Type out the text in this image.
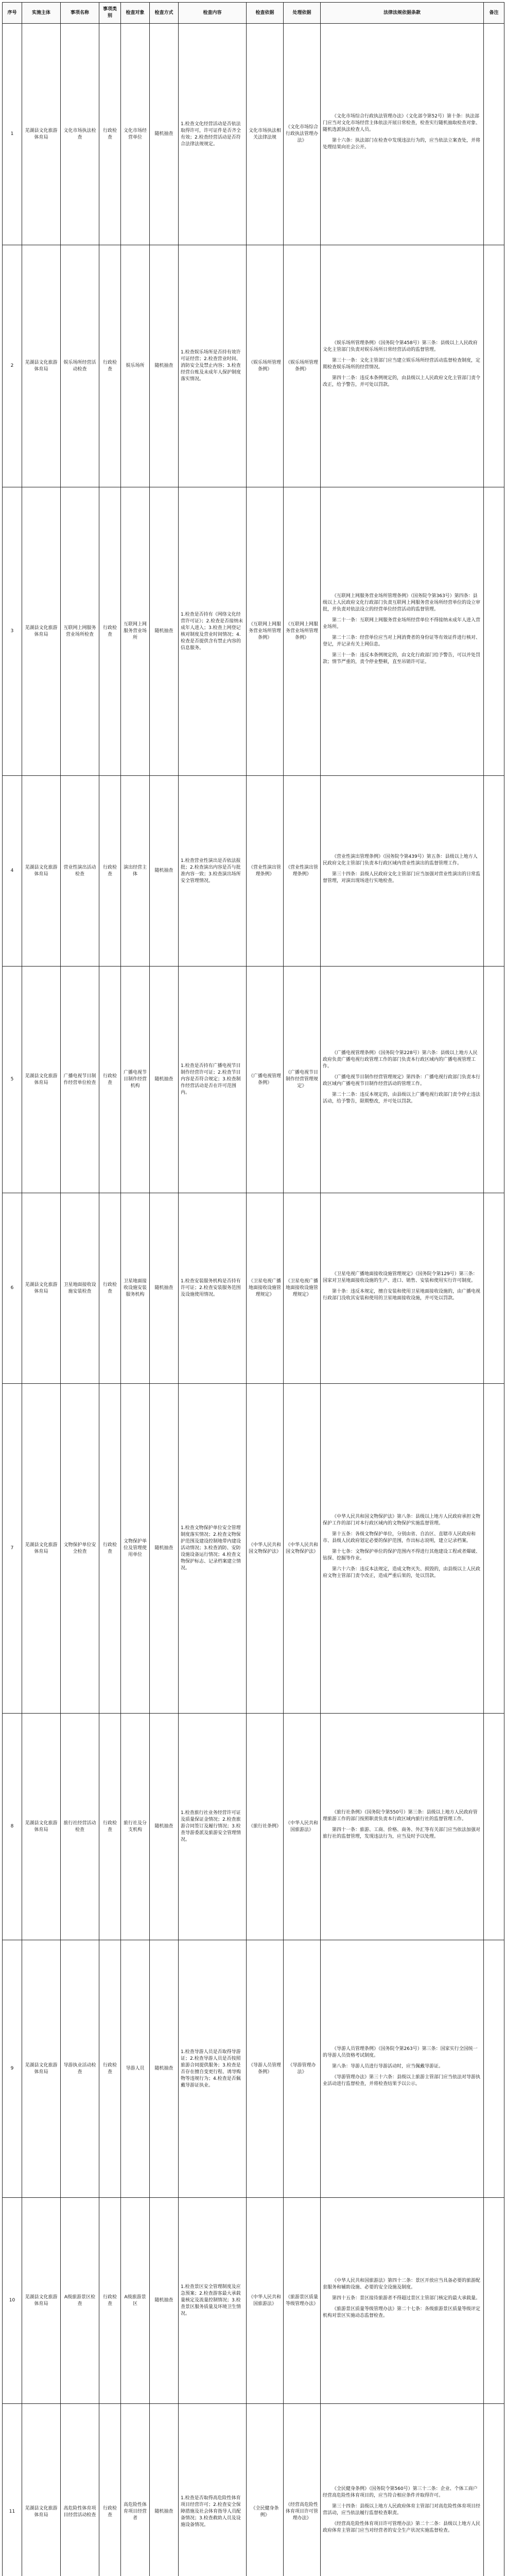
序号	实施主体	事项名称	事项类别	检查对象	检查方式	检查内容	检查依据	处理依据	法律法规依据条款	备注
1	芜湖县文化旅游体育局	文化市场执法检查	行政检查	文化市场经营单位	随机抽查	1.检查文化经营活动是否依法取得许可，许可证件是否齐全有效；2.检查经营活动是否符合法律法规规定。	文化市场执法相关法律法规	《文化市场综合行政执法管理办法》	《文化市场综合行政执法管理办法》（文化部令第52号）第十条：执法部门应当对文化市场经营主体依法开展日常检查，检查实行随机抽取检查对象、随机选派执法检查人员。

第十六条：执法部门在检查中发现违法行为的，应当依法立案查处，并将处理结果向社会公开。	

2	芜湖县文化旅游体育局	娱乐场所经营活动检查	行政检查	娱乐场所	随机抽查	1.检查娱乐场所是否持有效许可证经营；2.检查营业时间、消防安全及禁止内容；3.检查经营台账及未成年人保护制度落实情况。	《娱乐场所管理条例》	《娱乐场所管理条例》	《娱乐场所管理条例》（国务院令第458号）第三条：县级以上人民政府文化主管部门负责对娱乐场所日常经营活动的监督管理。

第三十一条：文化主管部门应当建立娱乐场所经营活动监督检查制度，定期检查娱乐场所的经营情况。

第四十二条：违反本条例规定的，由县级以上人民政府文化主管部门责令改正，给予警告，并可处以罚款。	

3	芜湖县文化旅游体育局	互联网上网服务营业场所检查	行政检查	互联网上网服务营业场所	随机抽查	1.检查是否持有《网络文化经营许可证》；2.检查是否接纳未成年人进入；3.检查上网登记核对制度及营业时间情况；4.检查是否提供含有禁止内容的信息服务。	《互联网上网服务营业场所管理条例》	《互联网上网服务营业场所管理条例》	《互联网上网服务营业场所管理条例》（国务院令第363号）第四条：县级以上人民政府文化行政部门负责互联网上网服务营业场所经营单位的设立审批，并负责对依法设立的经营单位经营活动的监督管理。

第二十一条：互联网上网服务营业场所经营单位不得接纳未成年人进入营业场所。

第二十三条：经营单位应当对上网消费者的身份证等有效证件进行核对、登记，并记录有关上网信息。

第三十一条：违反本条例规定的，由文化行政部门给予警告，可以并处罚款；情节严重的，责令停业整顿，直至吊销许可证。	

4	芜湖县文化旅游体育局	营业性演出活动检查	行政检查	演出经营主体	随机抽查	1.检查营业性演出是否依法报批；2.检查演出内容是否与批准内容一致；3.检查演出场所安全管理情况。	《营业性演出管理条例》	《营业性演出管理条例》	《营业性演出管理条例》（国务院令第439号）第五条：县级以上地方人民政府文化主管部门负责本行政区域内营业性演出的监督管理工作。

第三十四条：县级人民政府文化主管部门应当加强对营业性演出的日常监督管理，对演出现场进行实地检查。	

5	芜湖县文化旅游体育局	广播电视节目制作经营单位检查	行政检查	广播电视节目制作经营机构	随机抽查	1.检查是否持有广播电视节目制作经营许可证；2.检查节目内容是否符合规定；3.检查制作经营活动是否在许可范围内。	《广播电视管理条例》	《广播电视节目制作经营管理规定》	《广播电视管理条例》（国务院令第228号）第六条：县级以上地方人民政府负责广播电视行政管理工作的部门负责本行政区域内的广播电视管理工作。

《广播电视节目制作经营管理规定》第四条：广播电视行政部门负责本行政区域内广播电视节目制作经营活动的管理工作。

第二十二条：违反本规定的，由县级以上广播电视行政部门责令停止违法活动，给予警告，限期整改，并可处以罚款。	

6	芜湖县文化旅游体育局	卫星地面接收设施安装检查	行政检查	卫星地面接收设施安装服务机构	随机抽查	1.检查安装服务机构是否持有许可证；2.检查安装服务范围及设施使用情况。	《卫星电视广播地面接收设施管理规定》	《卫星电视广播地面接收设施管理规定》	《卫星电视广播地面接收设施管理规定》（国务院令第129号）第三条：国家对卫星地面接收设施的生产、进口、销售、安装和使用实行许可制度。

第十条：违反本规定，擅自安装和使用卫星地面接收设施的，由广播电视行政部门没收其安装和使用的卫星地面接收设施，并可处以罚款。	

7	芜湖县文化旅游体育局	文物保护单位安全检查	行政检查	文物保护单位及管理使用单位	随机抽查	1.检查文物保护单位安全管理制度落实情况；2.检查文物保护范围及建设控制地带内建设活动情况；3.检查消防、安防设施设备运行情况；4.检查文物保护标志、记录档案建立情况。	《中华人民共和国文物保护法》	《中华人民共和国文物保护法》	《中华人民共和国文物保护法》第八条：县级以上地方人民政府承担文物保护工作的部门对本行政区域内的文物保护实施监督管理。

第十五条：各级文物保护单位，分别由省、自治区、直辖市人民政府和市、县级人民政府划定必要的保护范围，作出标志说明，建立记录档案。

第十七条：文物保护单位的保护范围内不得进行其他建设工程或者爆破、钻探、挖掘等作业。

第六十六条：违反本法规定，造成文物灭失、损毁的，由县级以上人民政府文物主管部门责令改正，造成严重后果的，处以罚款。	

8	芜湖县文化旅游体育局	旅行社经营活动检查	行政检查	旅行社及分支机构	随机抽查	1.检查旅行社业务经营许可证及质量保证金情况；2.检查旅游合同签订及履行情况；3.检查导游委派及旅游安全管理情况。	《旅行社条例》	《中华人民共和国旅游法》	《旅行社条例》（国务院令第550号）第三条：县级以上地方人民政府管理旅游工作的部门按照职责负责本行政区域内旅行社的监督管理工作。

第四十一条：旅游、工商、价格、商务、外汇等有关部门应当依法加强对旅行社的监督管理，发现违法行为，应当及时予以处理。	

9	芜湖县文化旅游体育局	导游执业活动检查	行政检查	导游人员	随机抽查	1.检查导游人员是否取得导游证；2.检查导游人员是否按照旅游合同提供服务；3.检查是否存在擅自变更行程、诱导购物等违规行为；4.检查是否佩戴导游证执业。	《导游人员管理条例》	《导游管理办法》	《导游人员管理条例》（国务院令第263号）第三条：国家实行全国统一的导游人员资格考试制度。

第八条：导游人员进行导游活动时，应当佩戴导游证。

《导游管理办法》第三十六条：县级以上旅游主管部门应当依法对导游执业活动进行监督检查，并将检查结果予以公示。	

10	芜湖县文化旅游体育局	A级旅游景区检查	行政检查	A级旅游景区	随机抽查	1.检查景区安全管理制度及应急预案；2.检查游客最大承载量核定及流量控制情况；3.检查景区服务质量及环境卫生情况。	《中华人民共和国旅游法》	《旅游景区质量等级管理办法》	《中华人民共和国旅游法》第四十二条：景区开放应当具备必要的旅游配套服务和辅助设施、必要的安全设施及制度。

第四十五条：景区接待旅游者不得超过景区主管部门核定的最大承载量。

《旅游景区质量等级管理办法》第二十七条：各级旅游景区质量等级评定机构对景区实施动态监督检查。	

11	芜湖县文化旅游体育局	高危险性体育项目经营活动检查	行政检查	高危险性体育项目经营者	随机抽查	1.检查是否取得高危险性体育项目经营许可；2.检查安全保障措施及社会体育指导人员配备情况；3.检查救助人员及设施设备情况。	《全民健身条例》	《经营高危险性体育项目许可管理办法》	《全民健身条例》（国务院令第560号）第三十二条：企业、个体工商户经营高危险性体育项目的，应当符合相应条件并取得许可。

第三十四条：县级以上地方人民政府体育主管部门对高危险性体育项目经营活动，应当依法履行监督检查职责。

《经营高危险性体育项目许可管理办法》第二十二条：县级以上地方人民政府体育主管部门应当对经营者的安全生产状况实施监督检查。	
